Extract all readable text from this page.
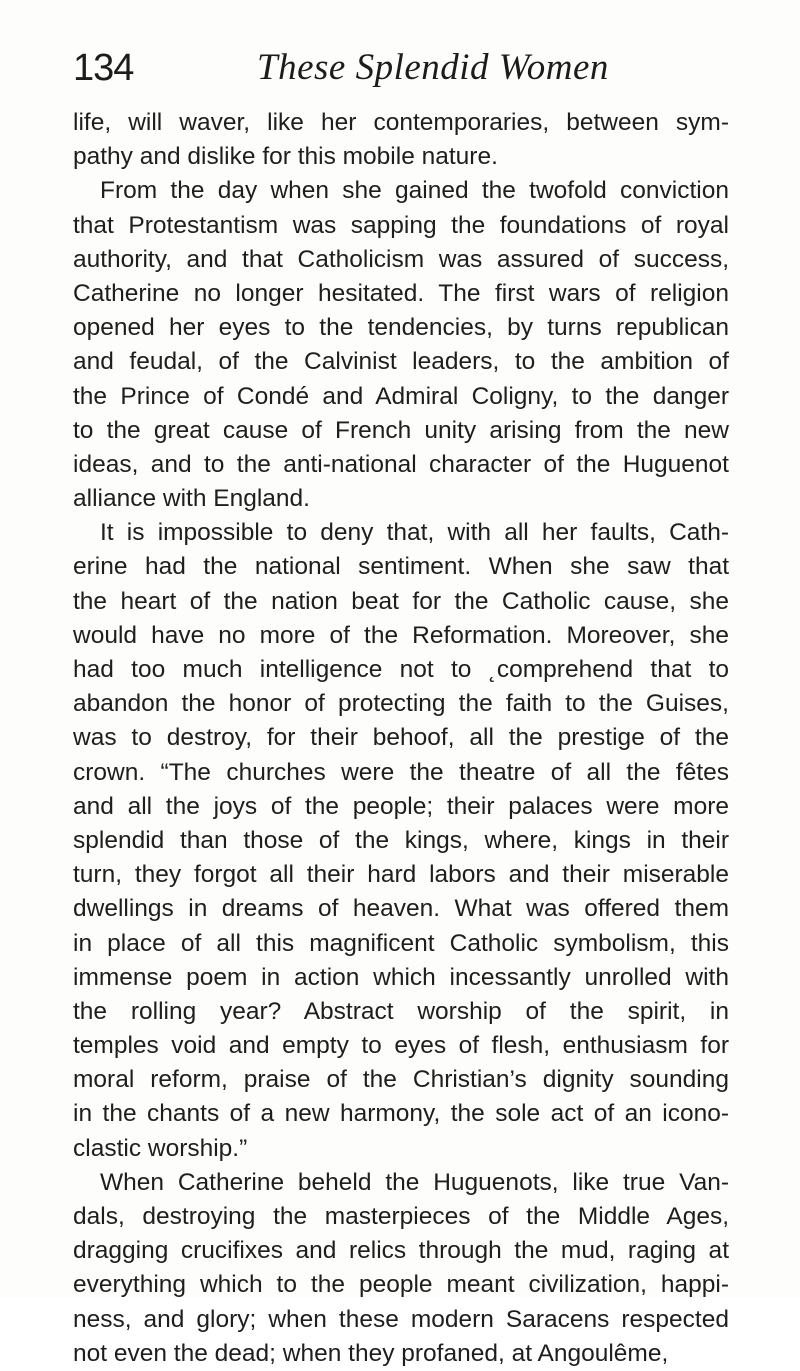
134	These Splendid Women
life, will waver, like her contemporaries, between sym-
pathy and dislike for this mobile nature.
From the day when she gained the twofold conviction
that Protestantism was sapping the foundations of royal
authority, and that Catholicism was assured of success,
Catherine no longer hesitated. The first wars of religion
opened her eyes to the tendencies, by turns republican
and feudal, of the Calvinist leaders, to the ambition of
the Prince of Condé and Admiral Coligny, to the danger
to the great cause of French unity arising from the new
ideas, and to the anti-national character of the Huguenot
alliance with England.
It is impossible to deny that, with all her faults, Cath-
erine had the national sentiment. When she saw that
the heart of the nation beat for the Catholic cause, she
would have no more of the Reformation. Moreover, she
had too much intelligence not to ˛comprehend that to
abandon the honor of protecting the faith to the Guises,
was to destroy, for their behoof, all the prestige of the
crown. “The churches were the theatre of all the fêtes
and all the joys of the people; their palaces were more
splendid than those of the kings, where, kings in their
turn, they forgot all their hard labors and their miserable
dwellings in dreams of heaven. What was offered them
in place of all this magnificent Catholic symbolism, this
immense poem in action which incessantly unrolled with
the rolling year? Abstract worship of the spirit, in
temples void and empty to eyes of flesh, enthusiasm for
moral reform, praise of the Christian’s dignity sounding
in the chants of a new harmony, the sole act of an icono-
clastic worship.”
When Catherine beheld the Huguenots, like true Van-
dals, destroying the masterpieces of the Middle Ages,
dragging crucifixes and relics through the mud, raging at
everything which to the people meant civilization, happi-
ness, and glory; when these modern Saracens respected
not even the dead; when they profaned, at Angoulême,
